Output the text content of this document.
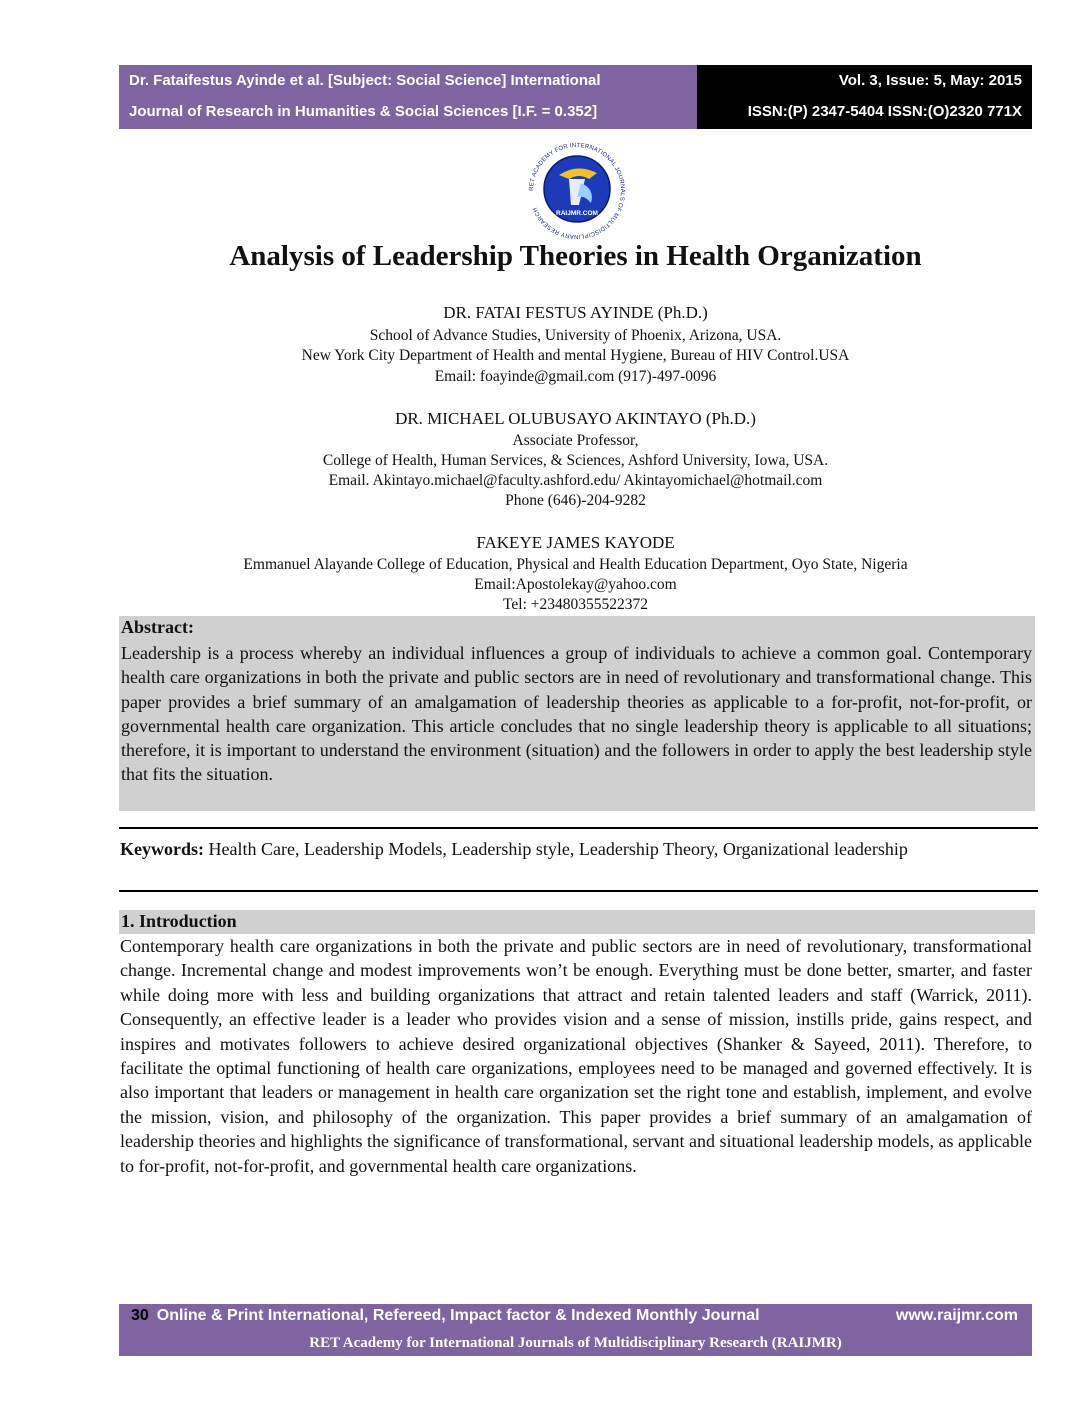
Dr. Fataifestus Ayinde et al. [Subject: Social Science] International
Journal of Research in Humanities & Social Sciences [I.F. = 0.352]
Vol. 3, Issue: 5, May: 2015
ISSN:(P) 2347-5404 ISSN:(O)2320 771X
RET ACADEMY FOR INTERNATIONAL JOURNALS OF MULTIDISCIPLINARY RESEARCH
RAIJMR.COM
Analysis of Leadership Theories in Health Organization
DR. FATAI FESTUS AYINDE (Ph.D.)
School of Advance Studies, University of Phoenix, Arizona, USA.
New York City Department of Health and mental Hygiene, Bureau of HIV Control.USA
Email: foayinde@gmail.com (917)-497-0096
DR. MICHAEL OLUBUSAYO AKINTAYO (Ph.D.)
Associate Professor,
College of Health, Human Services, & Sciences, Ashford University, Iowa, USA.
Email. Akintayo.michael@faculty.ashford.edu/ Akintayomichael@hotmail.com
Phone (646)-204-9282
FAKEYE JAMES KAYODE
Emmanuel Alayande College of Education, Physical and Health Education Department, Oyo State, Nigeria
Email:Apostolekay@yahoo.com
Tel: +23480355522372
Abstract:
Leadership is a process whereby an individual influences a group of individuals to achieve a common goal. Contemporary health care organizations in both the private and public sectors are in need of revolutionary and transformational change. This paper provides a brief summary of an amalgamation of leadership theories as applicable to a for-profit, not-for-profit, or governmental health care organization. This article concludes that no single leadership theory is applicable to all situations; therefore, it is important to understand the environment (situation) and the followers in order to apply the best leadership style that fits the situation.
Keywords: Health Care, Leadership Models, Leadership style, Leadership Theory, Organizational leadership
1. Introduction
Contemporary health care organizations in both the private and public sectors are in need of revolutionary, transformational change. Incremental change and modest improvements won’t be enough. Everything must be done better, smarter, and faster while doing more with less and building organizations that attract and retain talented leaders and staff (Warrick, 2011). Consequently, an effective leader is a leader who provides vision and a sense of mission, instills pride, gains respect, and inspires and motivates followers to achieve desired organizational objectives (Shanker & Sayeed, 2011). Therefore, to facilitate the optimal functioning of health care organizations, employees need to be managed and governed effectively. It is also important that leaders or management in health care organization set the right tone and establish, implement, and evolve the mission, vision, and philosophy of the organization. This paper provides a brief summary of an amalgamation of leadership theories and highlights the significance of transformational, servant and situational leadership models, as applicable to for-profit, not-for-profit, and governmental health care organizations.
30 Online & Print International, Refereed, Impact factor & Indexed Monthly Journal	www.raijmr.com
RET Academy for International Journals of Multidisciplinary Research (RAIJMR)
